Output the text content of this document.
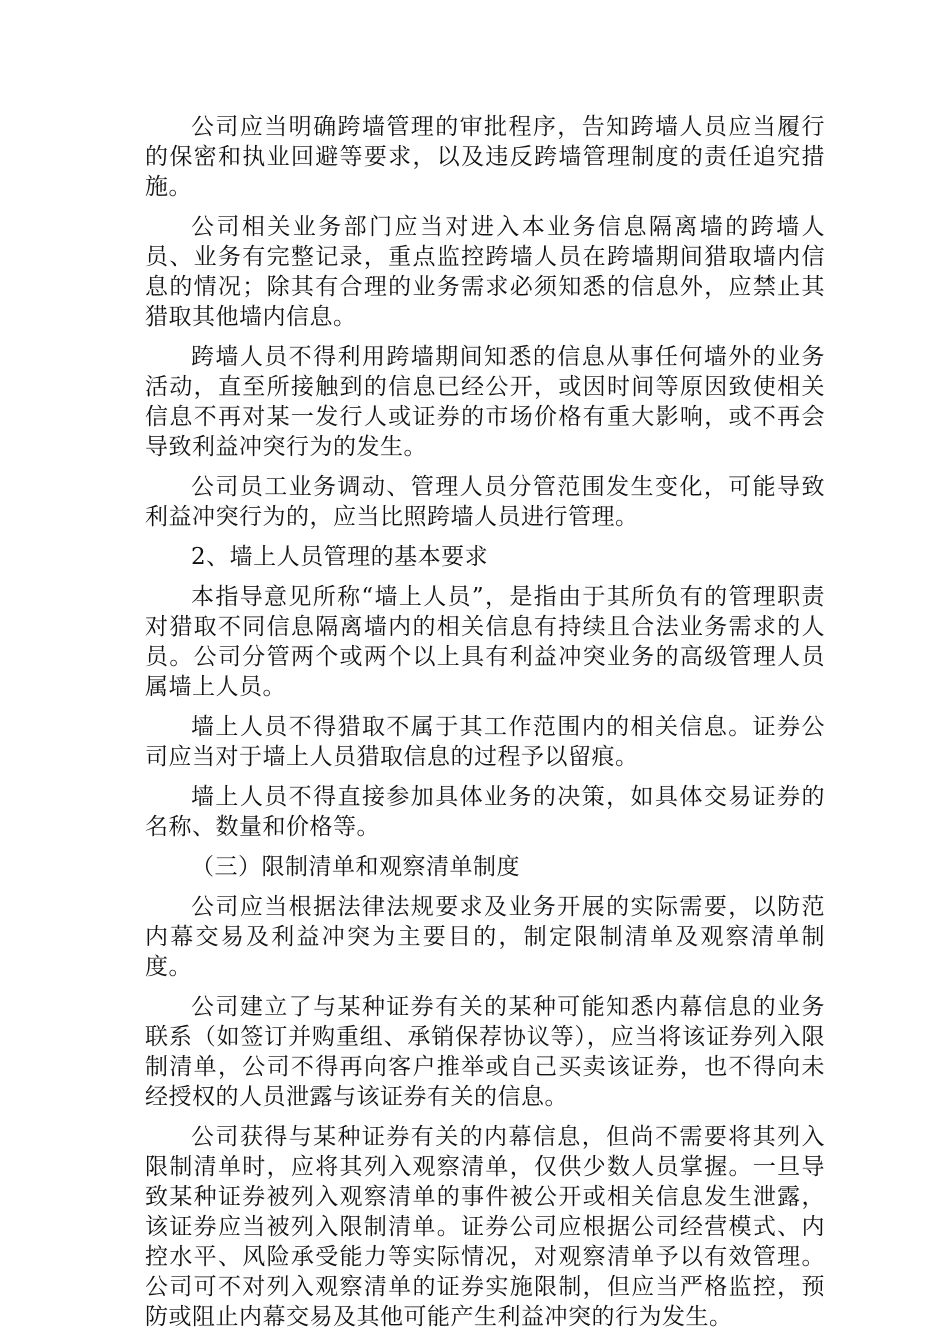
公司应当明确跨墙管理的审批程序，告知跨墙人员应当履行的保密和执业回避等要求，以及违反跨墙管理制度的责任追究措施。

公司相关业务部门应当对进入本业务信息隔离墙的跨墙人员、业务有完整记录，重点监控跨墙人员在跨墙期间猎取墙内信息的情况；除其有合理的业务需求必须知悉的信息外，应禁止其猎取其他墙内信息。

跨墙人员不得利用跨墙期间知悉的信息从事任何墙外的业务活动，直至所接触到的信息已经公开，或因时间等原因致使相关信息不再对某一发行人或证券的市场价格有重大影响，或不再会导致利益冲突行为的发生。

公司员工业务调动、管理人员分管范围发生变化，可能导致利益冲突行为的，应当比照跨墙人员进行管理。

2、墙上人员管理的基本要求

本指导意见所称“墙上人员”，是指由于其所负有的管理职责对猎取不同信息隔离墙内的相关信息有持续且合法业务需求的人员。公司分管两个或两个以上具有利益冲突业务的高级管理人员属墙上人员。

墙上人员不得猎取不属于其工作范围内的相关信息。证券公司应当对于墙上人员猎取信息的过程予以留痕。

墙上人员不得直接参加具体业务的决策，如具体交易证券的名称、数量和价格等。

（三）限制清单和观察清单制度

公司应当根据法律法规要求及业务开展的实际需要，以防范内幕交易及利益冲突为主要目的，制定限制清单及观察清单制度。

公司建立了与某种证券有关的某种可能知悉内幕信息的业务联系（如签订并购重组、承销保荐协议等），应当将该证券列入限制清单，公司不得再向客户推举或自己买卖该证券，也不得向未经授权的人员泄露与该证券有关的信息。

公司获得与某种证券有关的内幕信息，但尚不需要将其列入限制清单时，应将其列入观察清单，仅供少数人员掌握。一旦导致某种证券被列入观察清单的事件被公开或相关信息发生泄露，该证券应当被列入限制清单。证券公司应根据公司经营模式、内控水平、风险承受能力等实际情况，对观察清单予以有效管理。公司可不对列入观察清单的证券实施限制，但应当严格监控，预防或阻止内幕交易及其他可能产生利益冲突的行为发生。
